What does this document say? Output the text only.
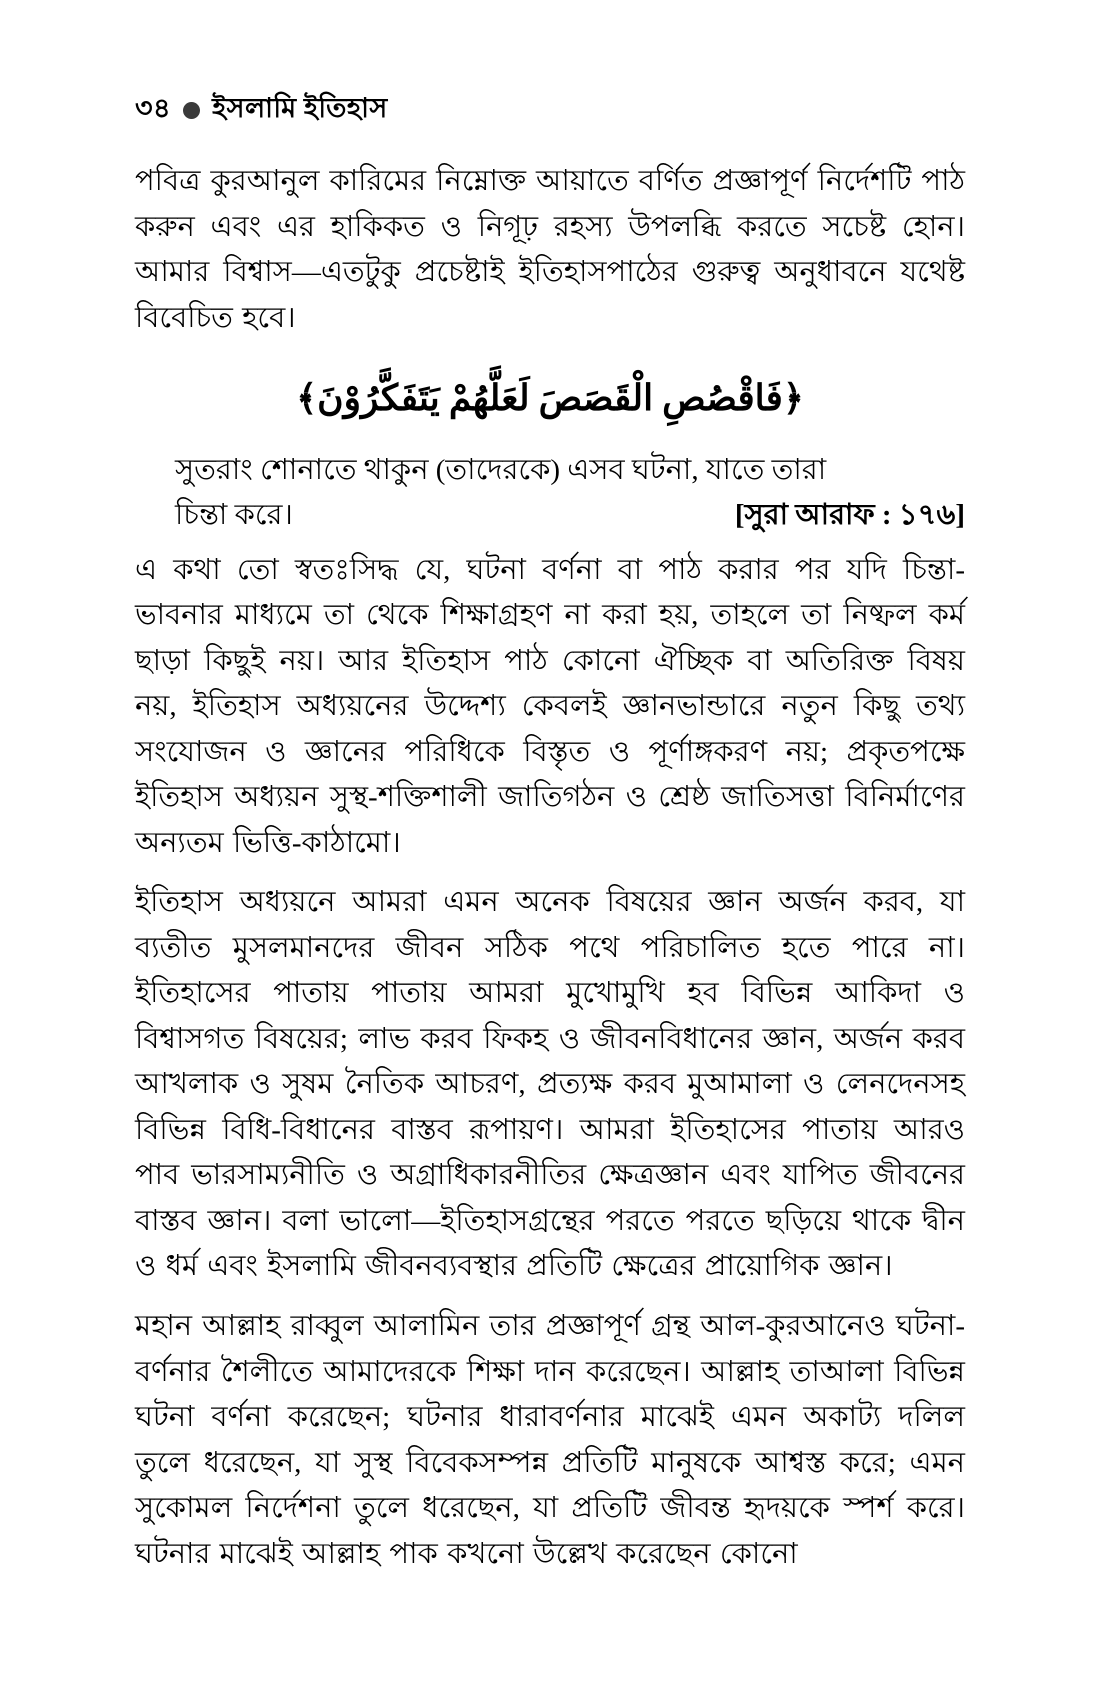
৩৪ ইসলামি ইতিহাস

পবিত্র কুরআনুল কারিমের নিম্নোক্ত আয়াতে বর্ণিত প্রজ্ঞাপূর্ণ নির্দেশটি পাঠ করুন এবং এর হাকিকত ও নিগূঢ় রহস্য উপলব্ধি করতে সচেষ্ট হোন। আমার বিশ্বাস—এতটুকু প্রচেষ্টাই ইতিহাসপাঠের গুরুত্ব অনুধাবনে যথেষ্ট বিবেচিত হবে।

﴿فَاقْصُصِ الْقَصَصَ لَعَلَّهُمْ يَتَفَكَّرُوْنَ﴾
সুতরাং শোনাতে থাকুন (তাদেরকে) এসব ঘটনা, যাতে তারা
চিন্তা করে।	[সুরা আরাফ : ১৭৬]

এ কথা তো স্বতঃসিদ্ধ যে, ঘটনা বর্ণনা বা পাঠ করার পর যদি চিন্তা-ভাবনার মাধ্যমে তা থেকে শিক্ষাগ্রহণ না করা হয়, তাহলে তা নিষ্ফল কর্ম ছাড়া কিছুই নয়। আর ইতিহাস পাঠ কোনো ঐচ্ছিক বা অতিরিক্ত বিষয় নয়, ইতিহাস অধ্যয়নের উদ্দেশ্য কেবলই জ্ঞানভান্ডারে নতুন কিছু তথ্য সংযোজন ও জ্ঞানের পরিধিকে বিস্তৃত ও পূর্ণাঙ্গকরণ নয়; প্রকৃতপক্ষে ইতিহাস অধ্যয়ন সুস্থ-শক্তিশালী জাতিগঠন ও শ্রেষ্ঠ জাতিসত্তা বিনির্মাণের অন্যতম ভিত্তি-কাঠামো।

ইতিহাস অধ্যয়নে আমরা এমন অনেক বিষয়ের জ্ঞান অর্জন করব, যা ব্যতীত মুসলমানদের জীবন সঠিক পথে পরিচালিত হতে পারে না। ইতিহাসের পাতায় পাতায় আমরা মুখোমুখি হব বিভিন্ন আকিদা ও বিশ্বাসগত বিষয়ের; লাভ করব ফিকহ ও জীবনবিধানের জ্ঞান, অর্জন করব আখলাক ও সুষম নৈতিক আচরণ, প্রত্যক্ষ করব মুআমালা ও লেনদেনসহ বিভিন্ন বিধি-বিধানের বাস্তব রূপায়ণ। আমরা ইতিহাসের পাতায় আরও পাব ভারসাম্যনীতি ও অগ্রাধিকারনীতির ক্ষেত্রজ্ঞান এবং যাপিত জীবনের বাস্তব জ্ঞান। বলা ভালো—ইতিহাসগ্রন্থের পরতে পরতে ছড়িয়ে থাকে দ্বীন ও ধর্ম এবং ইসলামি জীবনব্যবস্থার প্রতিটি ক্ষেত্রের প্রায়োগিক জ্ঞান।

মহান আল্লাহ রাব্বুল আলামিন তার প্রজ্ঞাপূর্ণ গ্রন্থ আল-কুরআনেও ঘটনা-বর্ণনার শৈলীতে আমাদেরকে শিক্ষা দান করেছেন। আল্লাহ তাআলা বিভিন্ন ঘটনা বর্ণনা করেছেন; ঘটনার ধারাবর্ণনার মাঝেই এমন অকাট্য দলিল তুলে ধরেছেন, যা সুস্থ বিবেকসম্পন্ন প্রতিটি মানুষকে আশ্বস্ত করে; এমন সুকোমল নির্দেশনা তুলে ধরেছেন, যা প্রতিটি জীবন্ত হৃদয়কে স্পর্শ করে। ঘটনার মাঝেই আল্লাহ পাক কখনো উল্লেখ করেছেন কোনো
